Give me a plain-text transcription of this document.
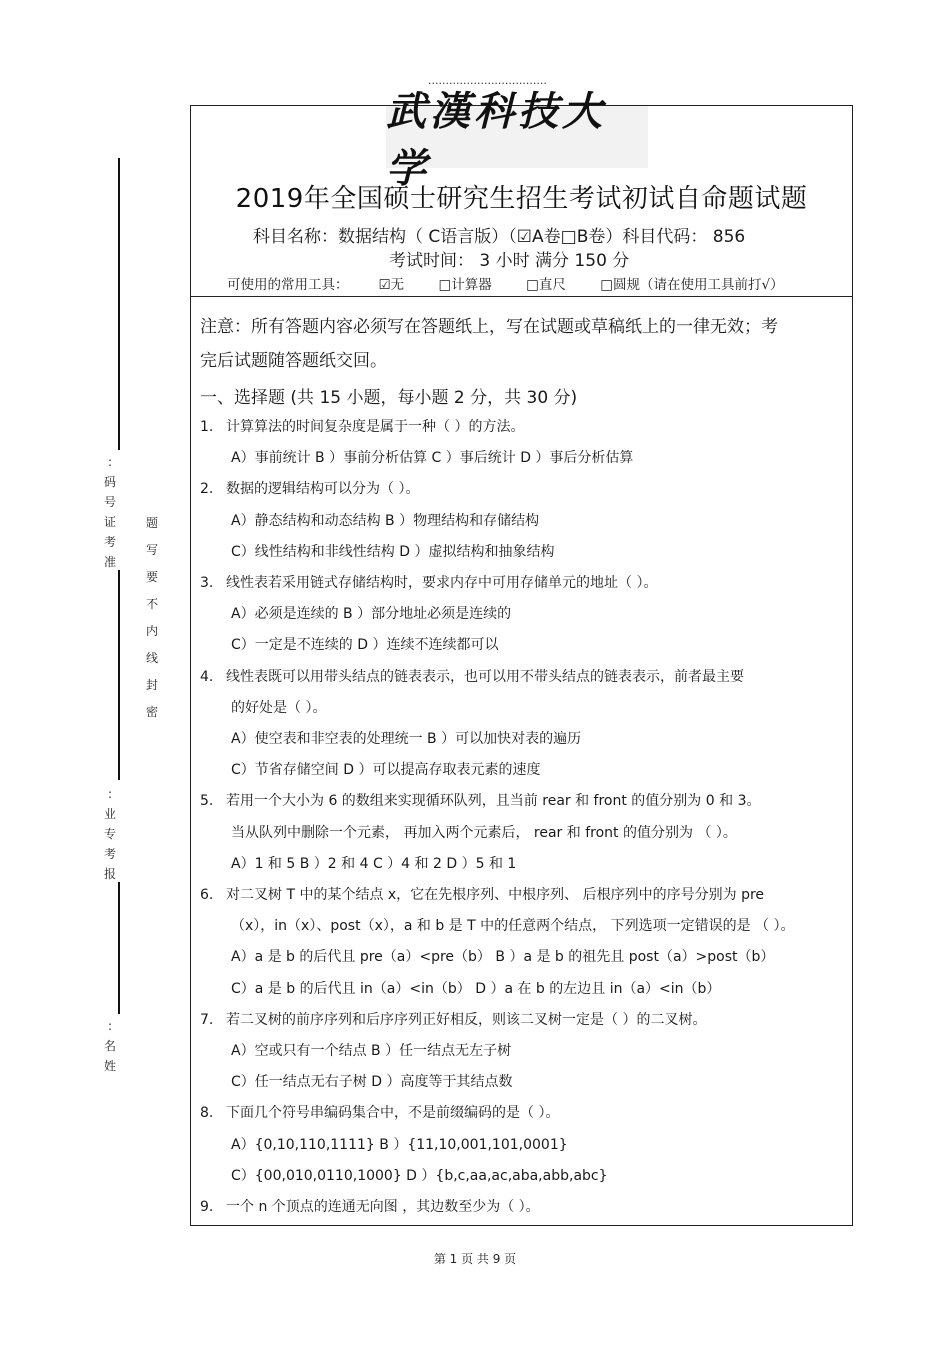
..................................
:
码
号
证
考
准
题
写
要
不
内
线
封
密
:
业
专
考
报
:
名
姓
武漢科技大学
2019年全国硕士研究生招生考试初试自命题试题
科目名称：数据结构（ C语言版）（☑A卷□B卷）科目代码： 856
考试时间： 3 小时 满分 150 分
可使用的常用工具： ☑无	□计算器	□直尺	□圆规（请在使用工具前打√）

注意：所有答题内容必须写在答题纸上，写在试题或草稿纸上的一律无效；考

完后试题随答题纸交回。

一、选择题 (共 15 小题，每小题 2 分，共 30 分)

1. 计算算法的时间复杂度是属于一种（ ）的方法。

A）事前统计 B ）事前分析估算 C ）事后统计 D ）事后分析估算

2. 数据的逻辑结构可以分为（ ）。

A）静态结构和动态结构 B ）物理结构和存储结构

C）线性结构和非线性结构 D ）虚拟结构和抽象结构

3. 线性表若采用链式存储结构时，要求内存中可用存储单元的地址（ ）。

A）必须是连续的 B ）部分地址必须是连续的

C）一定是不连续的 D ）连续不连续都可以

4. 线性表既可以用带头结点的链表表示，也可以用不带头结点的链表表示，前者最主要

的好处是（ ）。

A）使空表和非空表的处理统一 B ）可以加快对表的遍历

C）节省存储空间 D ）可以提高存取表元素的速度

5. 若用一个大小为 6 的数组来实现循环队列，且当前 rear 和 front 的值分别为 0 和 3。

当从队列中删除一个元素， 再加入两个元素后， rear 和 front 的值分别为 （ ）。

A）1 和 5 B ）2 和 4 C ）4 和 2 D ）5 和 1

6. 对二叉树 T 中的某个结点 x，它在先根序列、中根序列、 后根序列中的序号分别为 pre

（x），in（x）、post（x），a 和 b 是 T 中的任意两个结点， 下列选项一定错误的是 （ ）。

A）a 是 b 的后代且 pre（a）<pre（b） B ）a 是 b 的祖先且 post（a）>post（b）

C）a 是 b 的后代且 in（a）<in（b） D ）a 在 b 的左边且 in（a）<in（b）

7. 若二叉树的前序序列和后序序列正好相反，则该二叉树一定是（ ）的二叉树。

A）空或只有一个结点 B ）任一结点无左子树

C）任一结点无右子树 D ）高度等于其结点数

8. 下面几个符号串编码集合中，不是前缀编码的是（ ）。

A）{0,10,110,1111} B ）{11,10,001,101,0001}

C）{00,010,0110,1000} D ）{b,c,aa,ac,aba,abb,abc}

9. 一个 n 个顶点的连通无向图 ，其边数至少为（ ）。

第 1 页 共 9 页
